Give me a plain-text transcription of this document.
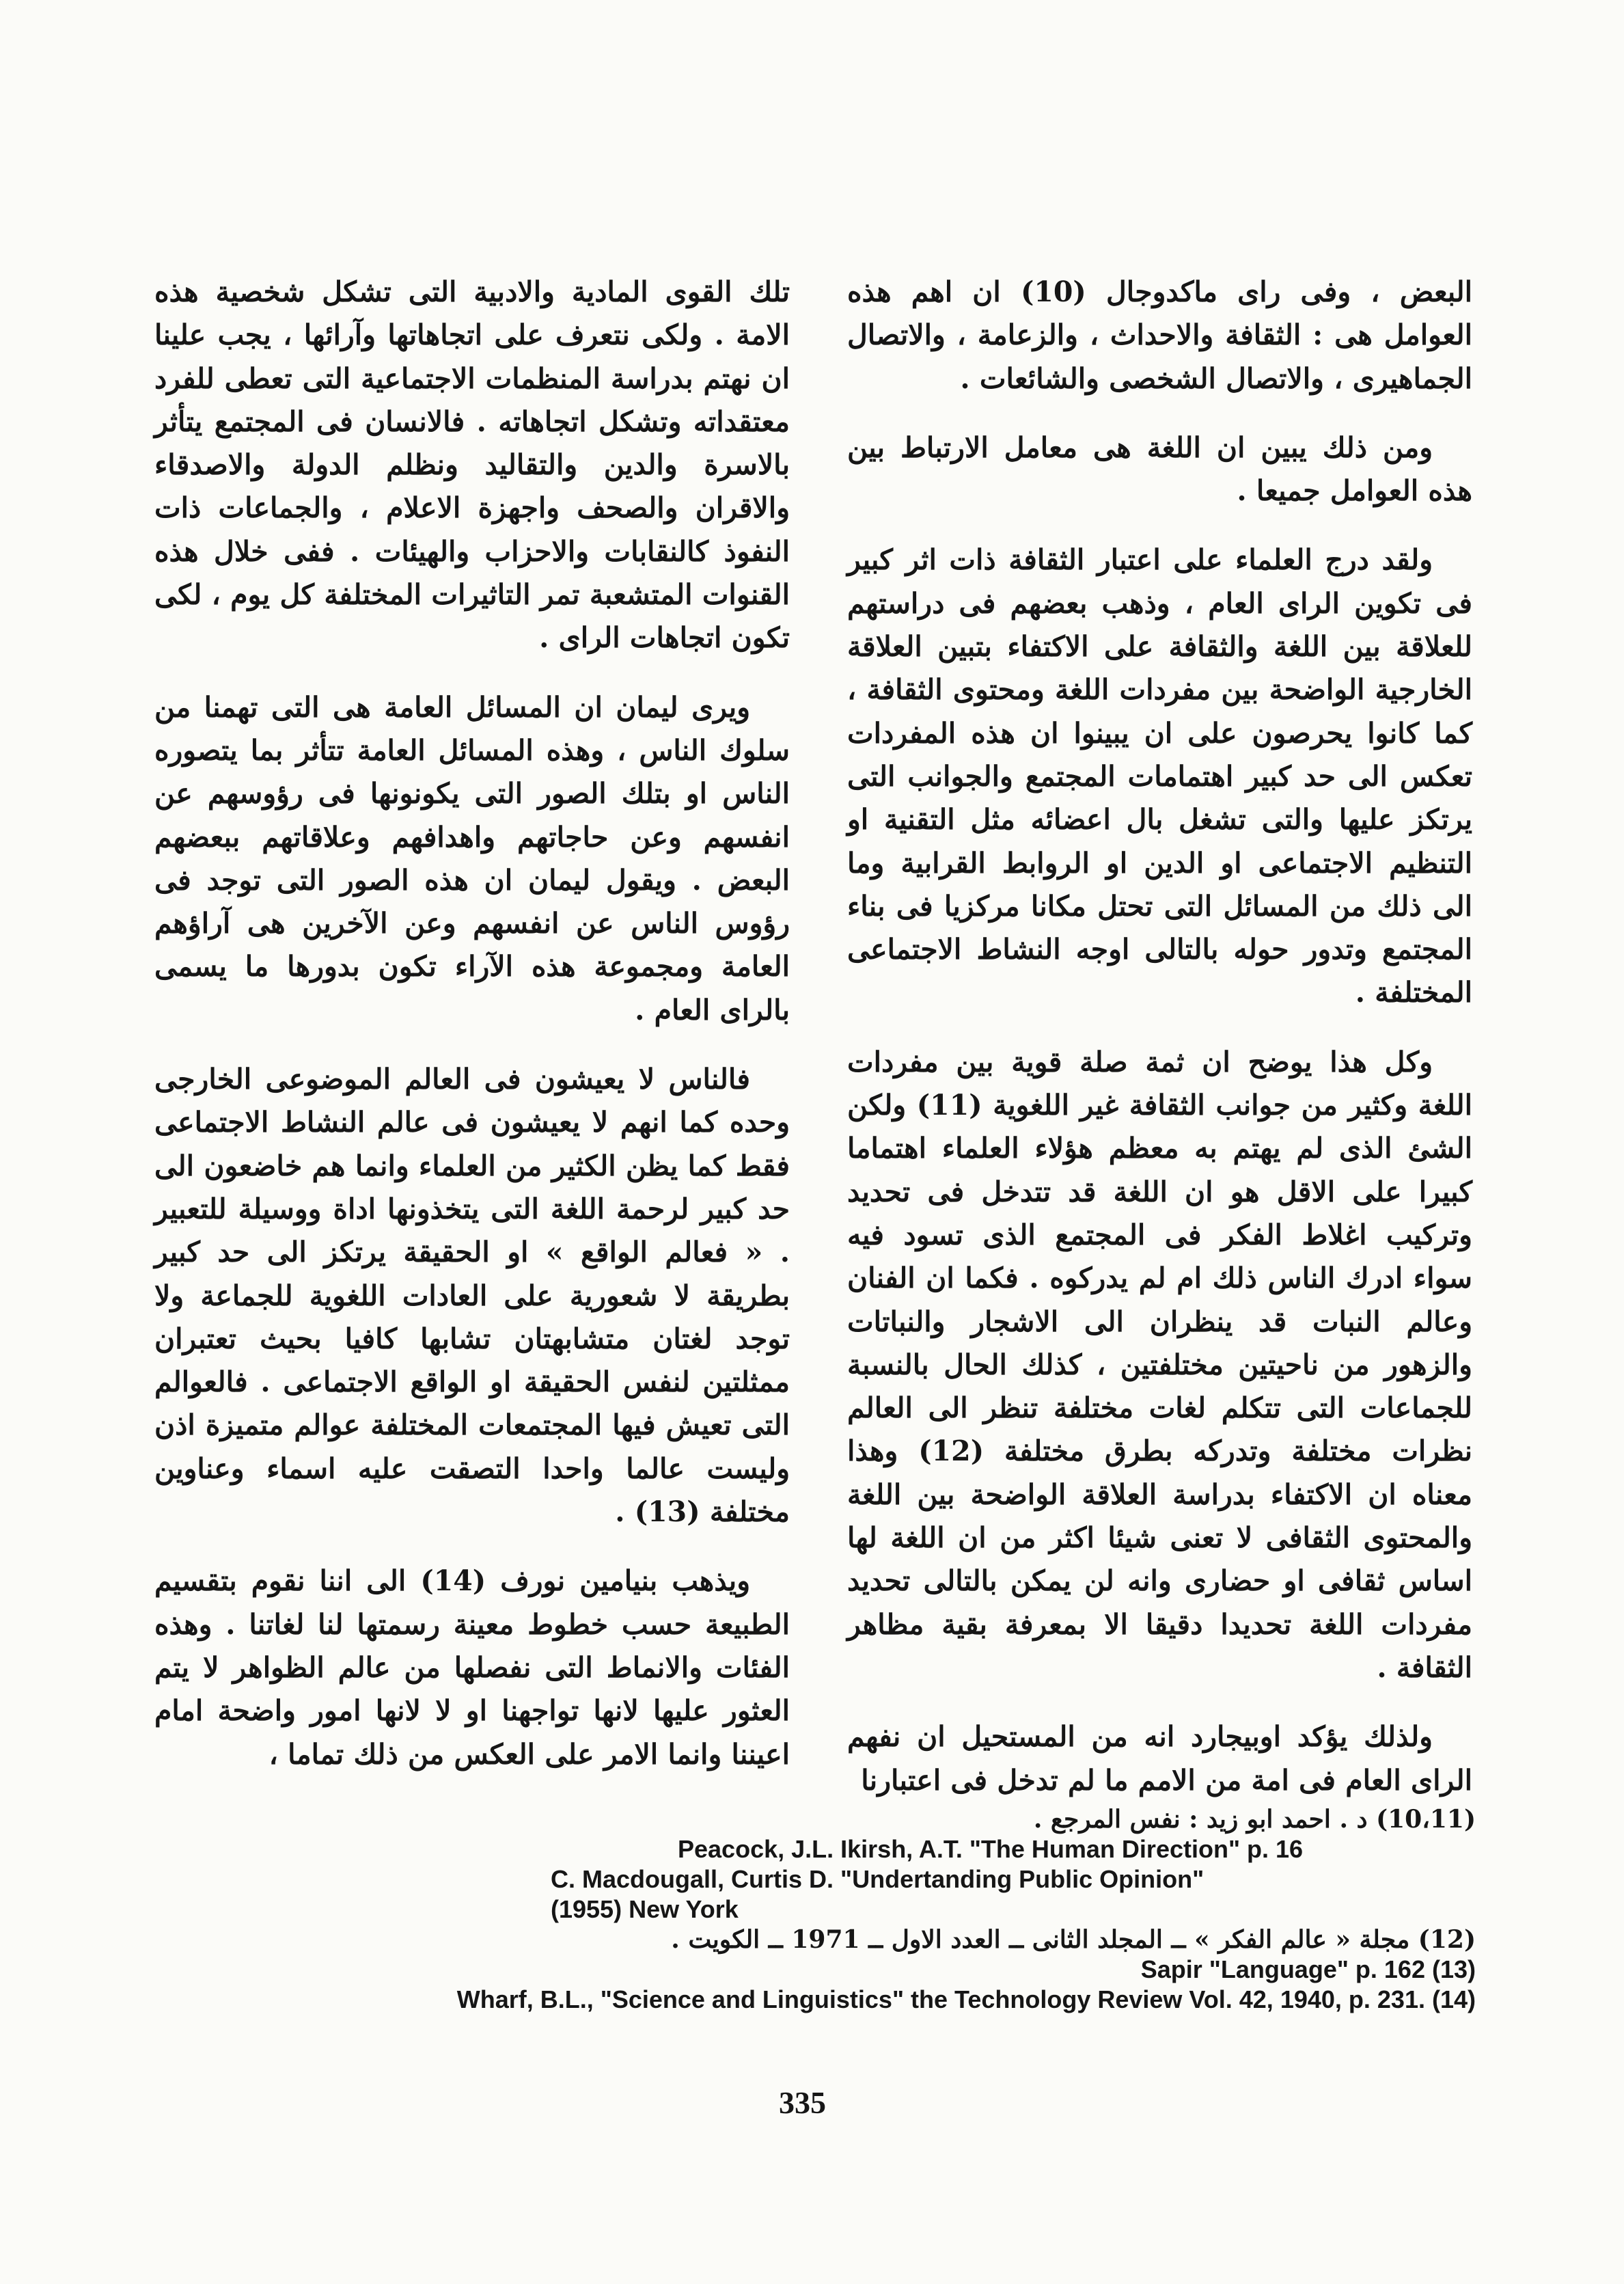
البعض ، وفى راى ماكدوجال (10) ان اهم هذه العوامل هى : الثقافة والاحداث ، والزعامة ، والاتصال الجماهيرى ، والاتصال الشخصى والشائعات .

ومن ذلك يبين ان اللغة هى معامل الارتباط بين هذه العوامل جميعا .

ولقد درج العلماء على اعتبار الثقافة ذات اثر كبير فى تكوين الراى العام ، وذهب بعضهم فى دراستهم للعلاقة بين اللغة والثقافة على الاكتفاء بتبين العلاقة الخارجية الواضحة بين مفردات اللغة ومحتوى الثقافة ، كما كانوا يحرصون على ان يبينوا ان هذه المفردات تعكس الى حد كبير اهتمامات المجتمع والجوانب التى يرتكز عليها والتى تشغل بال اعضائه مثل التقنية او التنظيم الاجتماعى او الدين او الروابط القرابية وما الى ذلك من المسائل التى تحتل مكانا مركزيا فى بناء المجتمع وتدور حوله بالتالى اوجه النشاط الاجتماعى المختلفة .

وكل هذا يوضح ان ثمة صلة قوية بين مفردات اللغة وكثير من جوانب الثقافة غير اللغوية (11) ولكن الشئ الذى لم يهتم به معظم هؤلاء العلماء اهتماما كبيرا على الاقل هو ان اللغة قد تتدخل فى تحديد وتركيب اغلاط الفكر فى المجتمع الذى تسود فيه سواء ادرك الناس ذلك ام لم يدركوه . فكما ان الفنان وعالم النبات قد ينظران الى الاشجار والنباتات والزهور من ناحيتين مختلفتين ، كذلك الحال بالنسبة للجماعات التى تتكلم لغات مختلفة تنظر الى العالم نظرات مختلفة وتدركه بطرق مختلفة (12) وهذا معناه ان الاكتفاء بدراسة العلاقة الواضحة بين اللغة والمحتوى الثقافى لا تعنى شيئا اكثر من ان اللغة لها اساس ثقافى او حضارى وانه لن يمكن بالتالى تحديد مفردات اللغة تحديدا دقيقا الا بمعرفة بقية مظاهر الثقافة .

ولذلك يؤكد اوبيجارد انه من المستحيل ان نفهم الراى العام فى امة من الامم ما لم تدخل فى اعتبارنا

تلك القوى المادية والادبية التى تشكل شخصية هذه الامة . ولكى نتعرف على اتجاهاتها وآرائها ، يجب علينا ان نهتم بدراسة المنظمات الاجتماعية التى تعطى للفرد معتقداته وتشكل اتجاهاته . فالانسان فى المجتمع يتأثر بالاسرة والدين والتقاليد ونظلم الدولة والاصدقاء والاقران والصحف واجهزة الاعلام ، والجماعات ذات النفوذ كالنقابات والاحزاب والهيئات . ففى خلال هذه القنوات المتشعبة تمر التاثيرات المختلفة كل يوم ، لكى تكون اتجاهات الراى .

ويرى ليمان ان المسائل العامة هى التى تهمنا من سلوك الناس ، وهذه المسائل العامة تتأثر بما يتصوره الناس او بتلك الصور التى يكونونها فى رؤوسهم عن انفسهم وعن حاجاتهم واهدافهم وعلاقاتهم ببعضهم البعض . ويقول ليمان ان هذه الصور التى توجد فى رؤوس الناس عن انفسهم وعن الآخرين هى آراؤهم العامة ومجموعة هذه الآراء تكون بدورها ما يسمى بالراى العام .

فالناس لا يعيشون فى العالم الموضوعى الخارجى وحده كما انهم لا يعيشون فى عالم النشاط الاجتماعى فقط كما يظن الكثير من العلماء وانما هم خاضعون الى حد كبير لرحمة اللغة التى يتخذونها اداة ووسيلة للتعبير . « فعالم الواقع » او الحقيقة يرتكز الى حد كبير بطريقة لا شعورية على العادات اللغوية للجماعة ولا توجد لغتان متشابهتان تشابها كافيا بحيث تعتبران ممثلتين لنفس الحقيقة او الواقع الاجتماعى . فالعوالم التى تعيش فيها المجتمعات المختلفة عوالم متميزة اذن وليست عالما واحدا التصقت عليه اسماء وعناوين مختلفة (13) .

ويذهب بنيامين نورف (14) الى اننا نقوم بتقسيم الطبيعة حسب خطوط معينة رسمتها لنا لغاتنا . وهذه الفئات والانماط التى نفصلها من عالم الظواهر لا يتم العثور عليها لانها تواجهنا او لا لانها امور واضحة امام اعيننا وانما الامر على العكس من ذلك تماما ،

(10،11) د . احمد ابو زيد : نفس المرجع .
Peacock, J.L. Ikirsh, A.T. "The Human Direction" p. 16
C. Macdougall, Curtis D. "Undertanding Public Opinion"
(1955) New York
(12) مجلة « عالم الفكر » ــ المجلد الثانى ــ العدد الاول ــ 1971 ــ الكويت .
Sapir "Language" p. 162 (13)
Wharf, B.L., "Science and Linguistics" the Technology Review Vol. 42, 1940, p. 231. (14)
335
